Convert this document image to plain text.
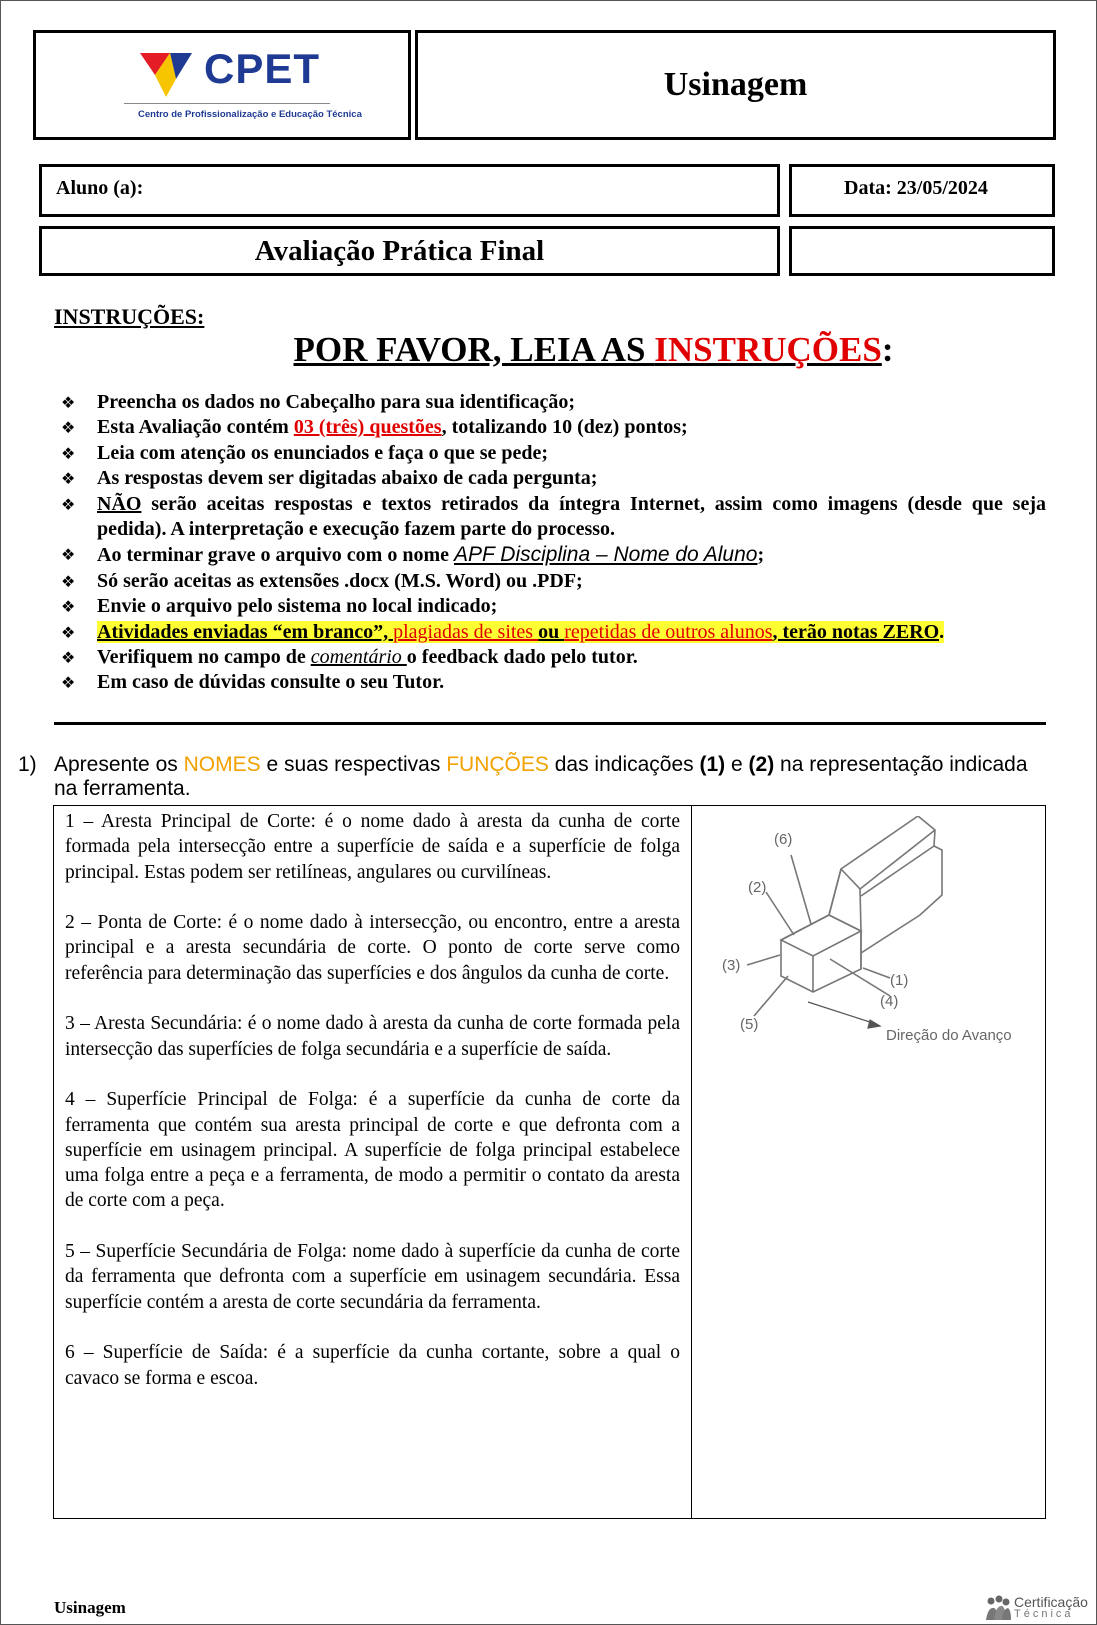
CPET
Centro de Profissionalização e Educação Técnica
Usinagem
Aluno (a):	Data: 23/05/2024
Avaliação Prática Final
INSTRUÇÕES:
POR FAVOR, LEIA AS INSTRUÇÕES:
❖ Preencha os dados no Cabeçalho para sua identificação;
❖ Esta Avaliação contém 03 (três) questões, totalizando 10 (dez) pontos;
❖ Leia com atenção os enunciados e faça o que se pede;
❖ As respostas devem ser digitadas abaixo de cada pergunta;
❖ NÃO serão aceitas respostas e textos retirados da íntegra Internet, assim como imagens (desde que seja pedida). A interpretação e execução fazem parte do processo.
❖ Ao terminar grave o arquivo com o nome APF Disciplina – Nome do Aluno;
❖ Só serão aceitas as extensões .docx (M.S. Word) ou .PDF;
❖ Envie o arquivo pelo sistema no local indicado;
❖ Atividades enviadas “em branco”, plagiadas de sites ou repetidas de outros alunos, terão notas ZERO.
❖ Verifiquem no campo de comentário o feedback dado pelo tutor.
❖ Em caso de dúvidas consulte o seu Tutor.
1) Apresente os NOMES e suas respectivas FUNÇÕES das indicações (1) e (2) na representação indicada na ferramenta.

1 – Aresta Principal de Corte: é o nome dado à aresta da cunha de corte formada pela intersecção entre a superfície de saída e a superfície de folga principal. Estas podem ser retilíneas, angulares ou curvilíneas.

2 – Ponta de Corte: é o nome dado à intersecção, ou encontro, entre a aresta principal e a aresta secundária de corte. O ponto de corte serve como referência para determinação das superfícies e dos ângulos da cunha de corte.

3 – Aresta Secundária: é o nome dado à aresta da cunha de corte formada pela intersecção das superfícies de folga secundária e a superfície de saída.

4 – Superfície Principal de Folga: é a superfície da cunha de corte da ferramenta que contém sua aresta principal de corte e que defronta com a superfície em usinagem principal. A superfície de folga principal estabelece uma folga entre a peça e a ferramenta, de modo a permitir o contato da aresta de corte com a peça.

5 – Superfície Secundária de Folga: nome dado à superfície da cunha de corte da ferramenta que defronta com a superfície em usinagem secundária. Essa superfície contém a aresta de corte secundária da ferramenta.

6 – Superfície de Saída: é a superfície da cunha cortante, sobre a qual o cavaco se forma e escoa.

(6)
(2)
(3)
(1)
(4)
(5)
Direção do Avanço
Usinagem	Certificação
Técnica
